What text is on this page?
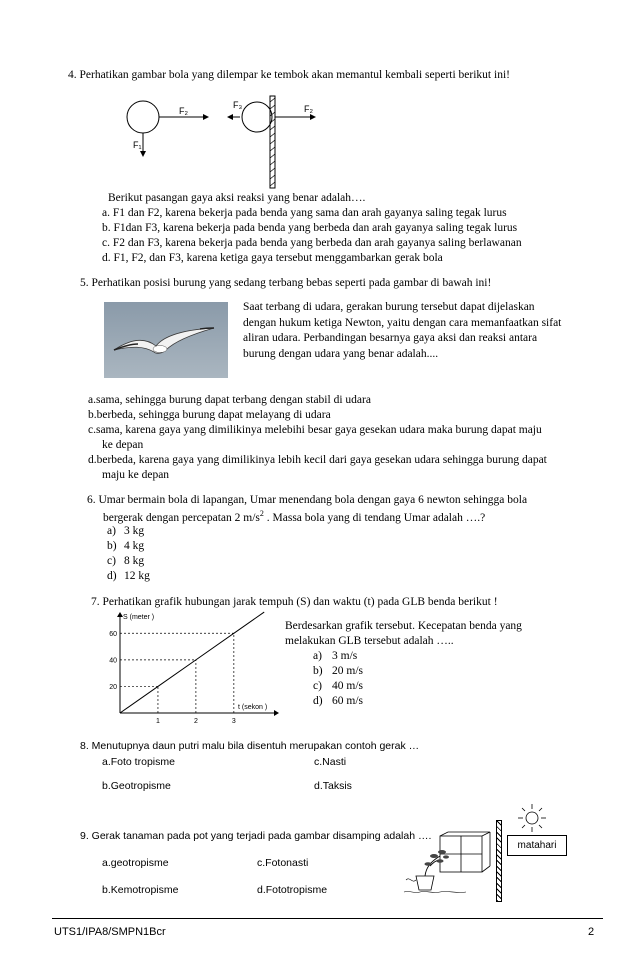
4. Perhatikan gambar bola yang dilempar ke tembok akan memantul kembali seperti berikut ini!
F₂
F₁
F₃	F₂
Berikut pasangan gaya aksi reaksi yang benar adalah….
a. F1 dan F2, karena bekerja pada benda yang sama dan arah gayanya saling tegak lurus
b. F1dan F3, karena bekerja pada benda yang berbeda dan arah gayanya saling tegak lurus
c. F2 dan F3, karena bekerja pada benda yang berbeda dan arah gayanya saling berlawanan
d. F1, F2, dan F3, karena ketiga gaya tersebut menggambarkan gerak bola
5. Perhatikan posisi burung yang sedang terbang bebas seperti pada gambar di bawah ini!
Saat terbang di udara, gerakan burung tersebut dapat dijelaskan
dengan hukum ketiga Newton, yaitu dengan cara memanfaatkan sifat
aliran udara. Perbandingan besarnya gaya aksi dan reaksi antara
burung dengan udara yang benar adalah....
a.sama, sehingga burung dapat terbang dengan stabil di udara
b.berbeda, sehingga burung dapat melayang di udara
c.sama, karena gaya yang dimilikinya melebihi besar gaya gesekan udara maka burung dapat maju
ke depan
d.berbeda, karena gaya yang dimilikinya lebih kecil dari gaya gesekan udara sehingga burung dapat
maju ke depan
6. Umar bermain bola di lapangan, Umar menendang bola dengan gaya 6 newton sehingga bola
bergerak dengan percepatan 2 $m/s^2$ . Massa bola yang di tendang Umar adalah ….?
a) 3 kg
b) 4 kg
c) 8 kg
d) 12 kg
7. Perhatikan grafik hubungan jarak tempuh (S) dan waktu (t) pada GLB benda berikut !
1
20
2
40
3
60
S (meter )
t (sekon )
Berdesarkan grafik tersebut. Kecepatan benda yang
melakukan GLB tersebut adalah …..
a) 3 m/s
b) 20 m/s
c) 40 m/s
d) 60 m/s
8. Menutupnya daun putri malu bila disentuh merupakan contoh gerak …
a.Foto tropisme	c.Nasti
b.Geotropisme	d.Taksis
9. Gerak tanaman pada pot yang terjadi pada gambar disamping adalah ….
a.geotropisme	c.Fotonasti
b.Kemotropisme	d.Fototropisme
matahari
UTS1/IPA8/SMPN1Bcr	2
